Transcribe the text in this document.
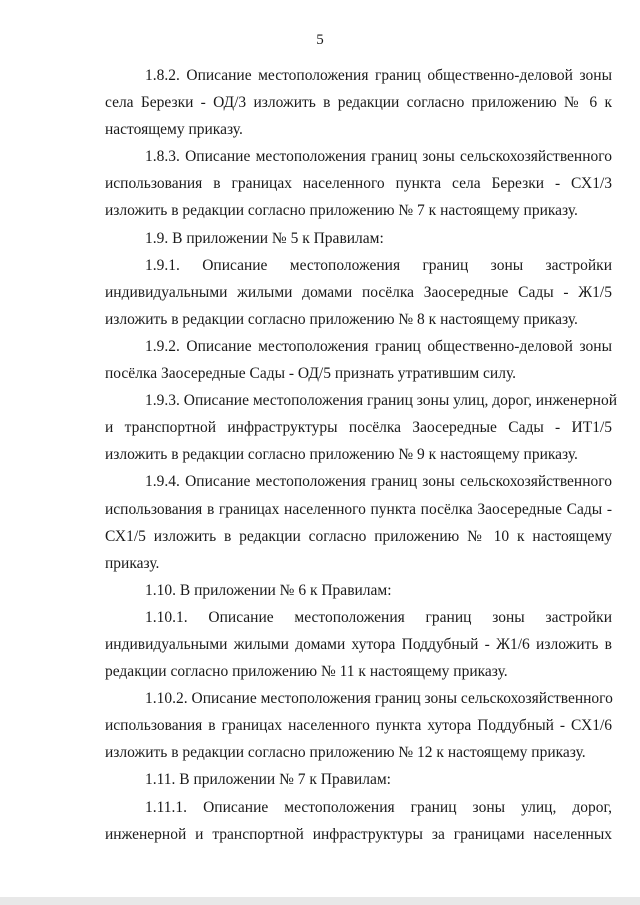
5
1.8.2. Описание местоположения границ общественно-деловой зоны
села Березки - ОД/3 изложить в редакции согласно приложению № 6 к
настоящему приказу.
1.8.3. Описание местоположения границ зоны сельскохозяйственного
использования в границах населенного пункта села Березки - СХ1/3
изложить в редакции согласно приложению № 7 к настоящему приказу.
1.9. В приложении № 5 к Правилам:
1.9.1. Описание местоположения границ зоны застройки
индивидуальными жилыми домами посёлка Заосередные Сады - Ж1/5
изложить в редакции согласно приложению № 8 к настоящему приказу.
1.9.2. Описание местоположения границ общественно-деловой зоны
посёлка Заосередные Сады - ОД/5 признать утратившим силу.
1.9.3. Описание местоположения границ зоны улиц, дорог, инженерной
и транспортной инфраструктуры посёлка Заосередные Сады - ИТ1/5
изложить в редакции согласно приложению № 9 к настоящему приказу.
1.9.4. Описание местоположения границ зоны сельскохозяйственного
использования в границах населенного пункта посёлка Заосередные Сады -
СХ1/5 изложить в редакции согласно приложению № 10 к настоящему
приказу.
1.10. В приложении № 6 к Правилам:
1.10.1. Описание местоположения границ зоны застройки
индивидуальными жилыми домами хутора Поддубный - Ж1/6 изложить в
редакции согласно приложению № 11 к настоящему приказу.
1.10.2. Описание местоположения границ зоны сельскохозяйственного
использования в границах населенного пункта хутора Поддубный - СХ1/6
изложить в редакции согласно приложению № 12 к настоящему приказу.
1.11. В приложении № 7 к Правилам:
1.11.1. Описание местоположения границ зоны улиц, дорог,
инженерной и транспортной инфраструктуры за границами населенных
